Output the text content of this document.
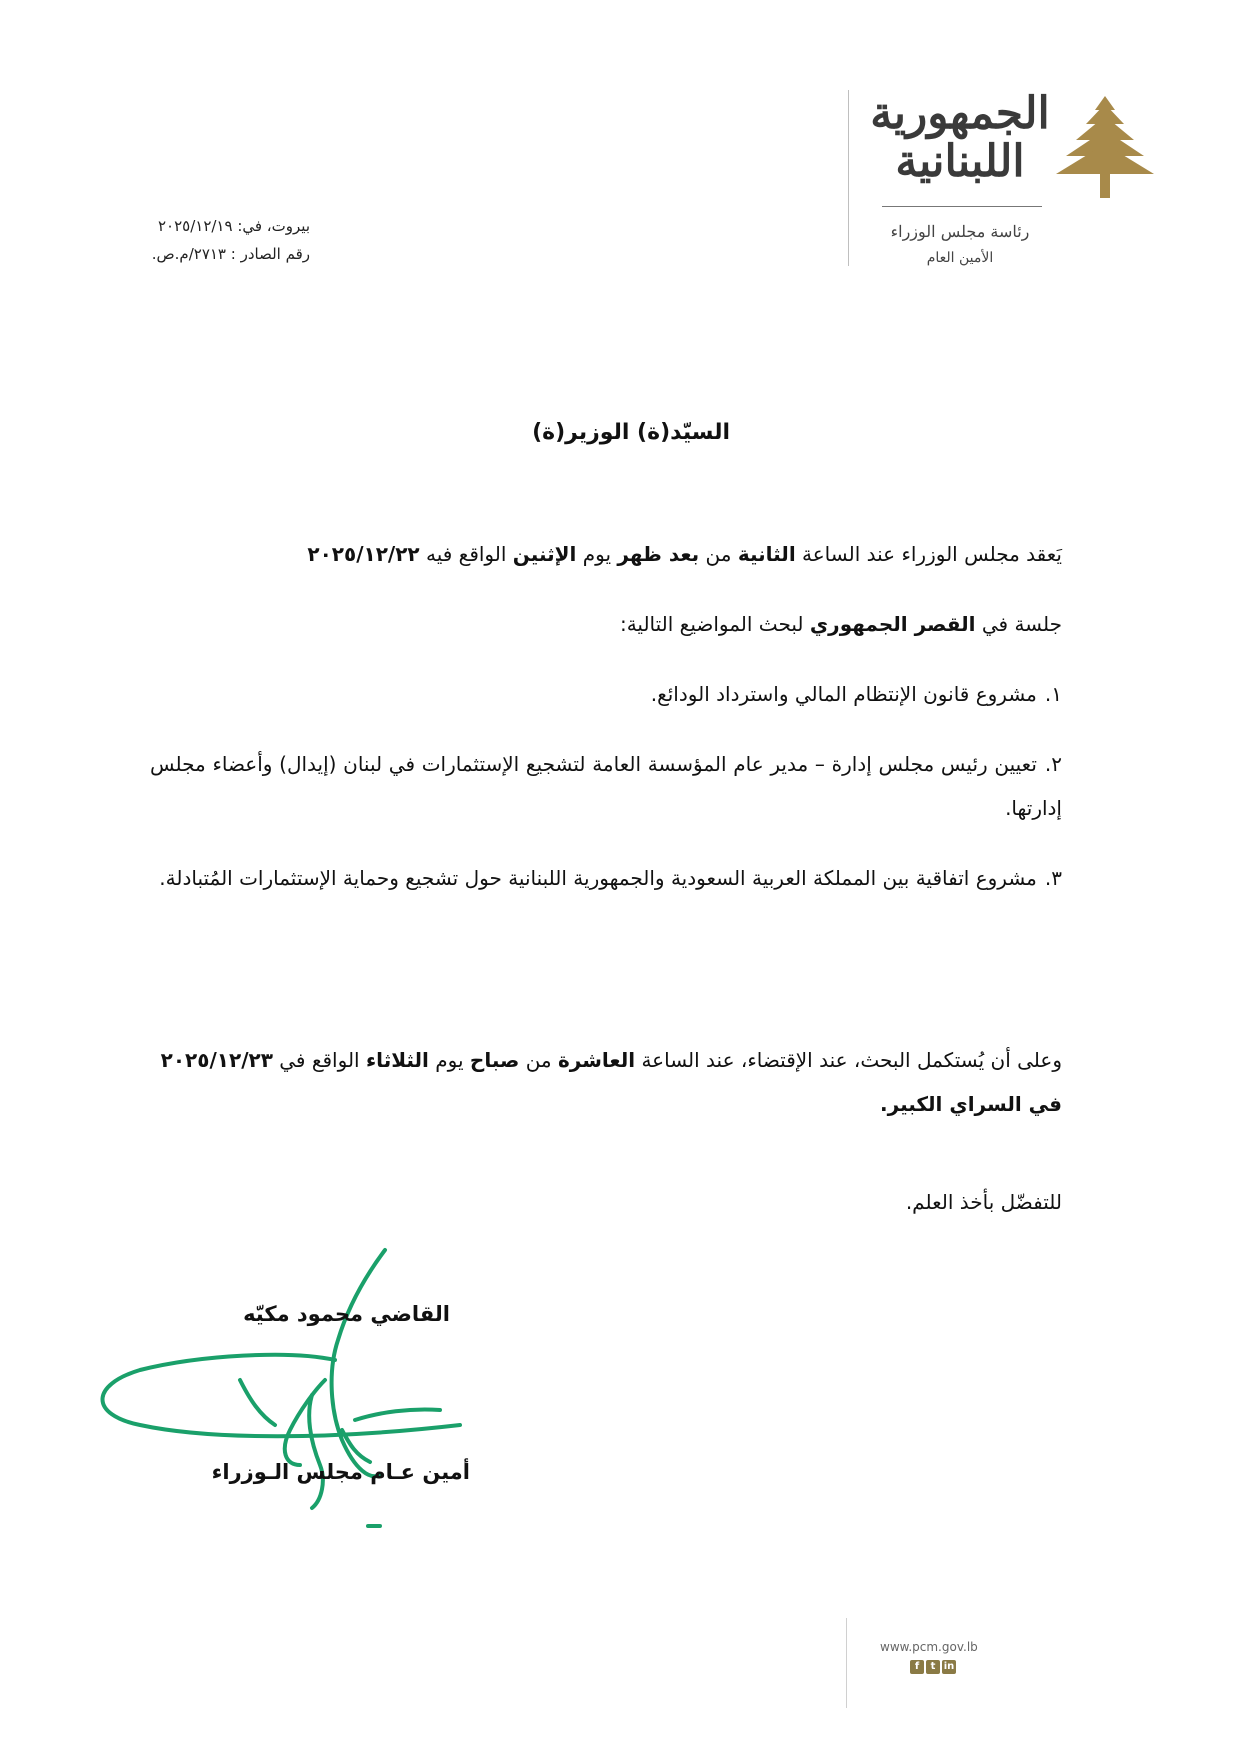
الجمهورية
اللبنانية
رئاسة مجلس الوزراء
الأمين العام
بيروت، في: ٢٠٢٥/١٢/١٩
رقم الصادر : ٢٧١٣/م.ص.
السيّد(ة) الوزير(ة)
يَعقد مجلس الوزراء عند الساعة الثانية من بعد ظهر يوم الإثنين الواقع فيه ٢٠٢٥/١٢/٢٢
جلسة في القصر الجمهوري لبحث المواضيع التالية:
١.مشروع قانون الإنتظام المالي واسترداد الودائع.
٢.تعيين رئيس مجلس إدارة – مدير عام المؤسسة العامة لتشجيع الإستثمارات في لبنان (إيدال) وأعضاء مجلس إدارتها.
٣.مشروع اتفاقية بين المملكة العربية السعودية والجمهورية اللبنانية حول تشجيع وحماية الإستثمارات المُتبادلة.
وعلى أن يُستكمل البحث، عند الإقتضاء، عند الساعة العاشرة من صباح يوم الثلاثاء الواقع في ٢٠٢٥/١٢/٢٣ في السراي الكبير.
للتفضّل بأخذ العلم.
القاضي محمود مكيّه
أمين عـام مجلس الـوزراء
www.pcm.gov.lb
f	t in
